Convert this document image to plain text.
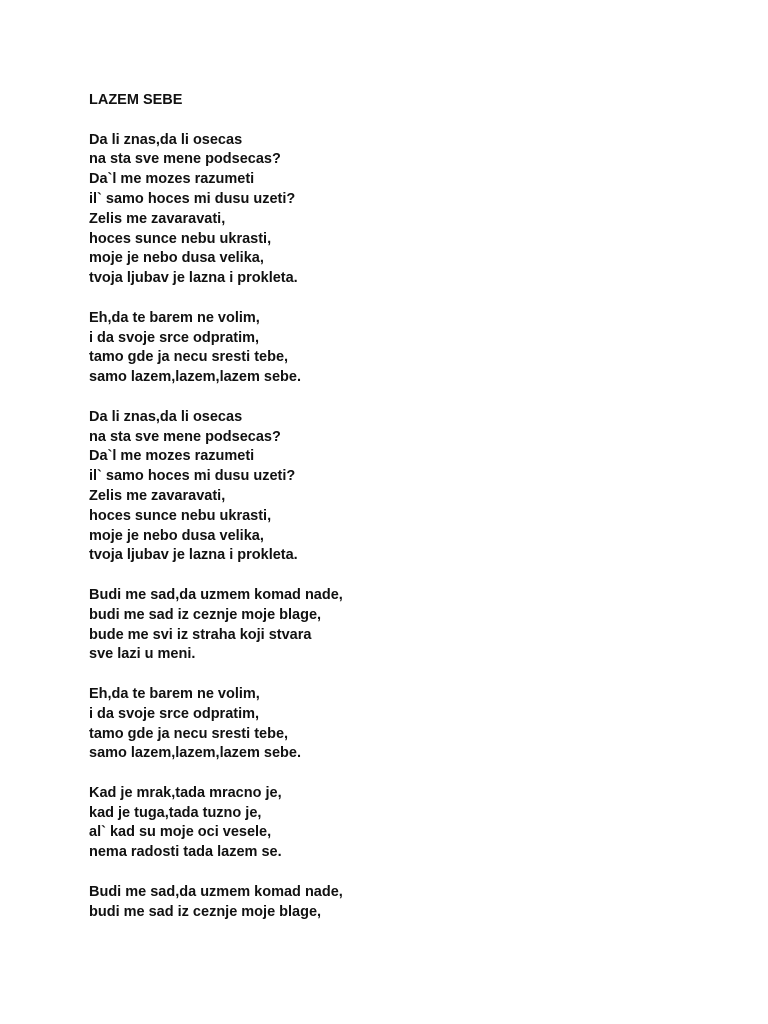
LAZEM SEBE
Da li znas,da li osecas
na sta sve mene podsecas?
Da`l me mozes razumeti
il` samo hoces mi dusu uzeti?
Zelis me zavaravati,
hoces sunce nebu ukrasti,
moje je nebo dusa velika,
tvoja ljubav je lazna i prokleta.
Eh,da te barem ne volim,
i da svoje srce odpratim,
tamo gde ja necu sresti tebe,
samo lazem,lazem,lazem sebe.
Da li znas,da li osecas
na sta sve mene podsecas?
Da`l me mozes razumeti
il` samo hoces mi dusu uzeti?
Zelis me zavaravati,
hoces sunce nebu ukrasti,
moje je nebo dusa velika,
tvoja ljubav je lazna i prokleta.
Budi me sad,da uzmem komad nade,
budi me sad iz ceznje moje blage,
bude me svi iz straha koji stvara
sve lazi u meni.
Eh,da te barem ne volim,
i da svoje srce odpratim,
tamo gde ja necu sresti tebe,
samo lazem,lazem,lazem sebe.
Kad je mrak,tada mracno je,
kad je tuga,tada tuzno je,
al` kad su moje oci vesele,
nema radosti tada lazem se.
Budi me sad,da uzmem komad nade,
budi me sad iz ceznje moje blage,
